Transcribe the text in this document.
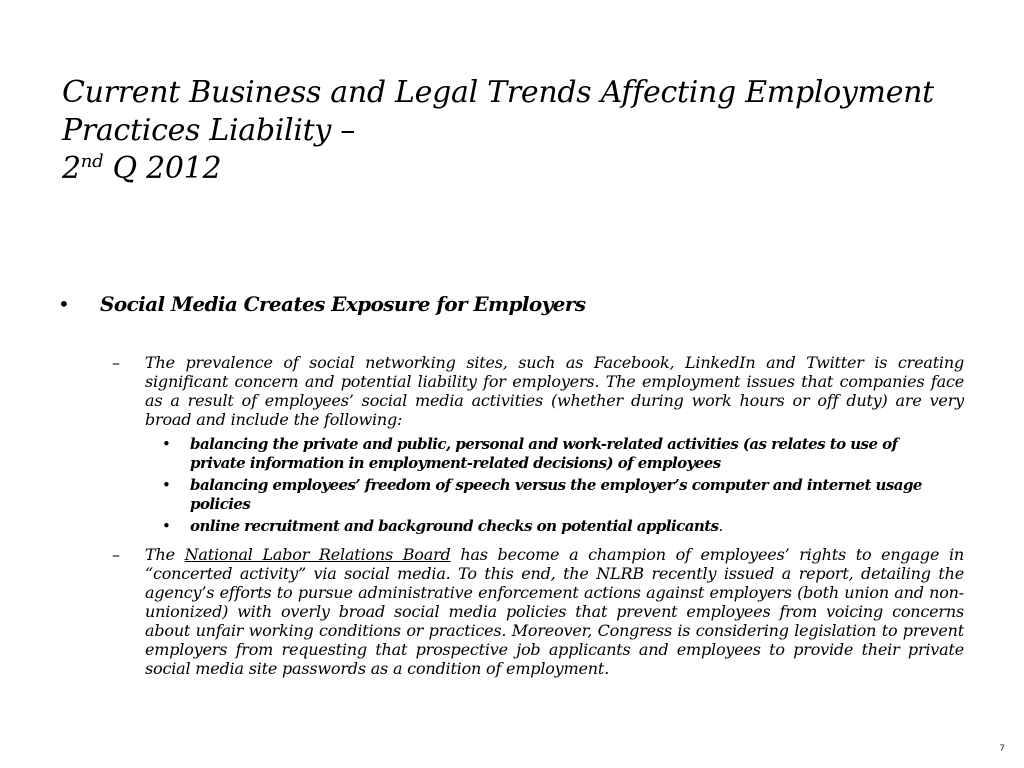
Current Business and Legal Trends Affecting Employment
Practices Liability –
2nd Q 2012
• Social Media Creates Exposure for Employers
–	The prevalence of social networking sites, such as Facebook, LinkedIn and Twitter is creating significant concern and potential liability for employers. The employment issues that companies face as a result of employees’ social media activities (whether during work hours or off duty) are very broad and include the following:
• balancing the private and public, personal and work-related activities (as relates to use of private information in employment-related decisions) of employees
• balancing employees’ freedom of speech versus the employer’s computer and internet usage policies
• online recruitment and background checks on potential applicants.
–	The National Labor Relations Board has become a champion of employees’ rights to engage in “concerted activity” via social media. To this end, the NLRB recently issued a report, detailing the agency’s efforts to pursue administrative enforcement actions against employers (both union and non-unionized) with overly broad social media policies that prevent employees from voicing concerns about unfair working conditions or practices. Moreover, Congress is considering legislation to prevent employers from requesting that prospective job applicants and employees to provide their private social media site passwords as a condition of employment.
7
